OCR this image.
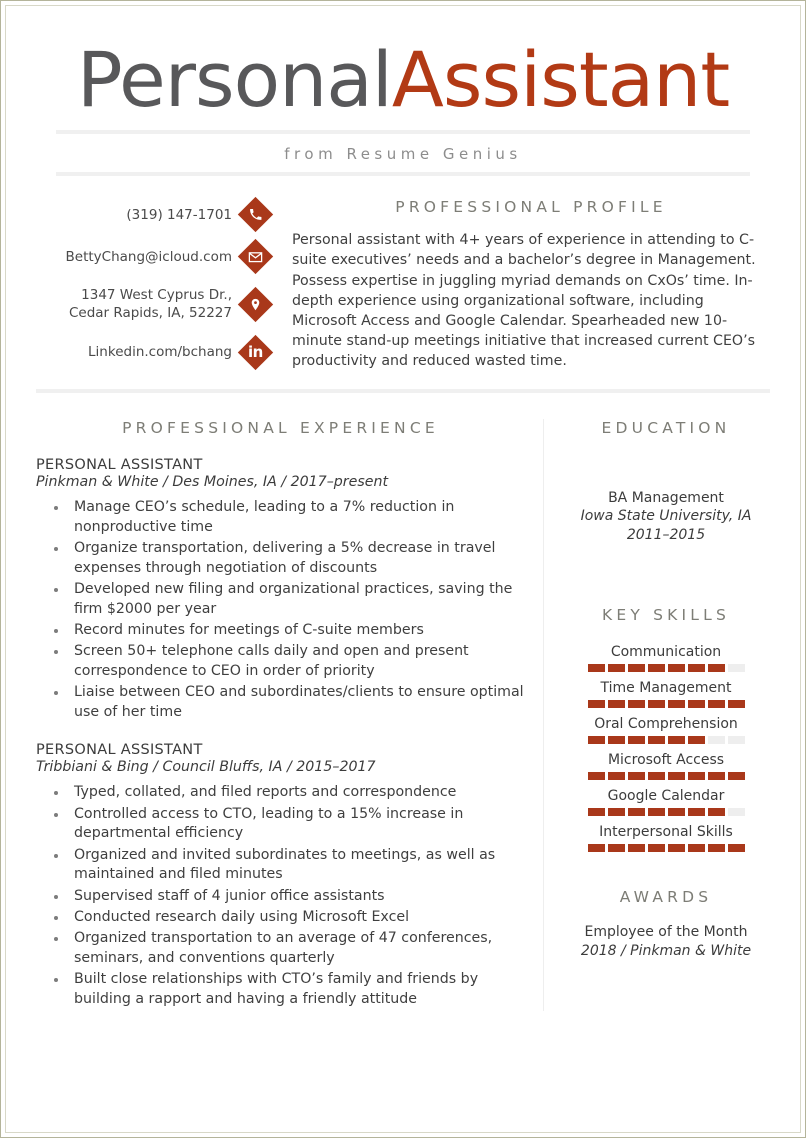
PersonalAssistant
from Resume Genius
(319) 147-1701
BettyChang@icloud.com
1347 West Cyprus Dr.,
Cedar Rapids, IA, 52227
Linkedin.com/bchang	in
PROFESSIONAL PROFILE
Personal assistant with 4+ years of experience in attending to C-suite executives’ needs and a bachelor’s degree in Management. Possess expertise in juggling myriad demands on CxOs’ time. In-depth experience using organizational software, including Microsoft Access and Google Calendar. Spearheaded new 10-minute stand-up meetings initiative that increased current CEO’s productivity and reduced wasted time.
PROFESSIONAL EXPERIENCE
PERSONAL ASSISTANT
Pinkman & White / Des Moines, IA / 2017–present
Manage CEO’s schedule, leading to a 7% reduction in nonproductive time
Organize transportation, delivering a 5% decrease in travel expenses through negotiation of discounts
Developed new filing and organizational practices, saving the firm $2000 per year
Record minutes for meetings of C-suite members
Screen 50+ telephone calls daily and open and present correspondence to CEO in order of priority
Liaise between CEO and subordinates/clients to ensure optimal use of her time
PERSONAL ASSISTANT
Tribbiani & Bing / Council Bluffs, IA / 2015–2017
Typed, collated, and filed reports and correspondence
Controlled access to CTO, leading to a 15% increase in departmental efficiency
Organized and invited subordinates to meetings, as well as maintained and filed minutes
Supervised staff of 4 junior office assistants
Conducted research daily using Microsoft Excel
Organized transportation to an average of 47 conferences, seminars, and conventions quarterly
Built close relationships with CTO’s family and friends by building a rapport and having a friendly attitude
EDUCATION
BA Management
Iowa State University, IA
2011–2015
KEY SKILLS
Communication
Time Management
Oral Comprehension
Microsoft Access
Google Calendar
Interpersonal Skills
AWARDS
Employee of the Month
2018 / Pinkman & White
